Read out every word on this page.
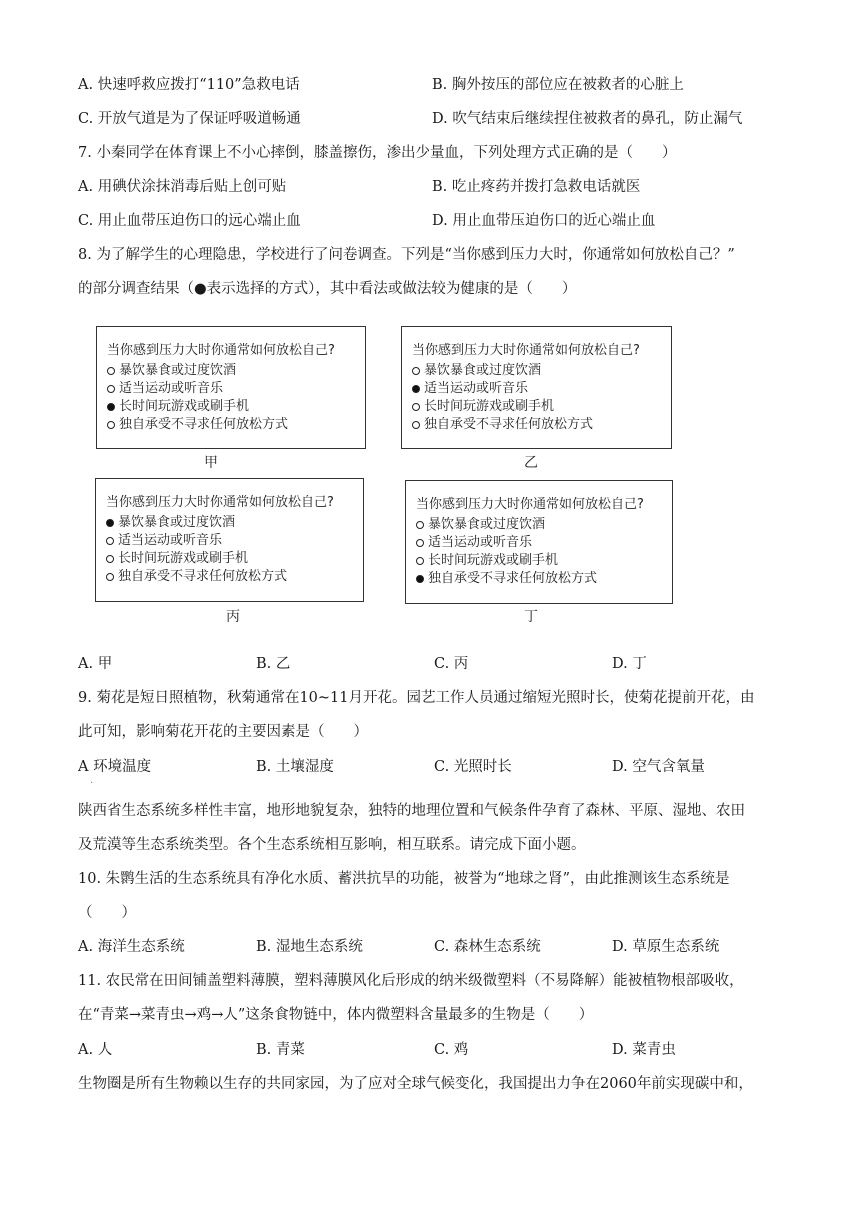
A. 快速呼救应拨打“110”急救电话	B. 胸外按压的部位应在被救者的心脏上
C. 开放气道是为了保证呼吸道畅通	D. 吹气结束后继续捏住被救者的鼻孔，防止漏气
7. 小秦同学在体育课上不小心摔倒，膝盖擦伤，渗出少量血，下列处理方式正确的是（　　）
A. 用碘伏涂抹消毒后贴上创可贴	B. 吃止疼药并拨打急救电话就医
C. 用止血带压迫伤口的远心端止血	D. 用止血带压迫伤口的近心端止血
8. 为了解学生的心理隐患，学校进行了问卷调查。下列是“当你感到压力大时，你通常如何放松自己？”
的部分调查结果（●表示选择的方式），其中看法或做法较为健康的是（　　）
当你感到压力大时你通常如何放松自己?
暴饮暴食或过度饮酒
适当运动或听音乐
长时间玩游戏或刷手机
独自承受不寻求任何放松方式
甲
当你感到压力大时你通常如何放松自己?
暴饮暴食或过度饮酒
适当运动或听音乐
长时间玩游戏或刷手机
独自承受不寻求任何放松方式
乙
当你感到压力大时你通常如何放松自己?
暴饮暴食或过度饮酒
适当运动或听音乐
长时间玩游戏或刷手机
独自承受不寻求任何放松方式
丙
当你感到压力大时你通常如何放松自己?
暴饮暴食或过度饮酒
适当运动或听音乐
长时间玩游戏或刷手机
独自承受不寻求任何放松方式
丁
A. 甲	B. 乙	C. 丙	D. 丁
9. 菊花是短日照植物，秋菊通常在10~11月开花。园艺工作人员通过缩短光照时长，使菊花提前开花，由
此可知，影响菊花开花的主要因素是（　　）
A 环境温度	B. 土壤湿度	C. 光照时长	D. 空气含氧量
·
陕西省生态系统多样性丰富，地形地貌复杂，独特的地理位置和气候条件孕育了森林、平原、湿地、农田
及荒漠等生态系统类型。各个生态系统相互影响，相互联系。请完成下面小题。
10. 朱鹮生活的生态系统具有净化水质、蓄洪抗旱的功能，被誉为“地球之肾”，由此推测该生态系统是
（　　）
A. 海洋生态系统	B. 湿地生态系统	C. 森林生态系统	D. 草原生态系统
11. 农民常在田间铺盖塑料薄膜，塑料薄膜风化后形成的纳米级微塑料（不易降解）能被植物根部吸收，
在“青菜→菜青虫→鸡→人”这条食物链中，体内微塑料含量最多的生物是（　　）
A. 人	B. 青菜	C. 鸡	D. 菜青虫
生物圈是所有生物赖以生存的共同家园，为了应对全球气候变化，我国提出力争在2060年前实现碳中和，
